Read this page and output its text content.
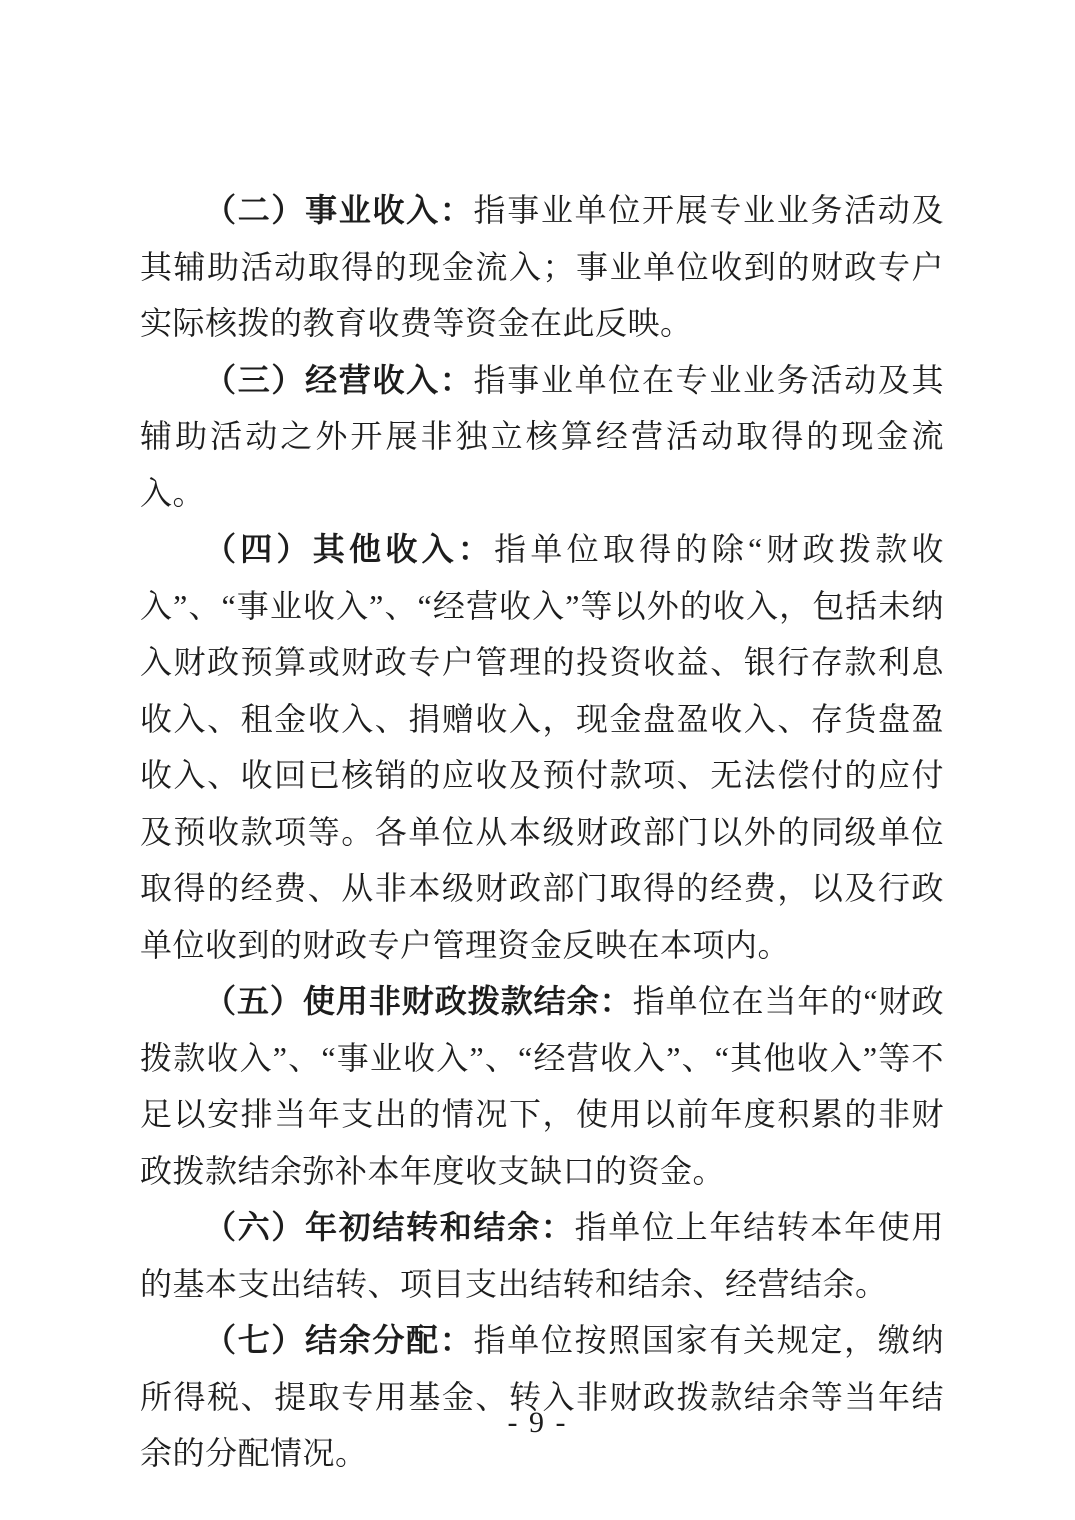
（二）事业收入：指事业单位开展专业业务活动及其辅助活动取得的现金流入；事业单位收到的财政专户实际核拨的教育收费等资金在此反映。

（三）经营收入：指事业单位在专业业务活动及其辅助活动之外开展非独立核算经营活动取得的现金流入。

（四）其他收入：指单位取得的除“财政拨款收入”、“事业收入”、“经营收入”等以外的收入，包括未纳入财政预算或财政专户管理的投资收益、银行存款利息收入、租金收入、捐赠收入，现金盘盈收入、存货盘盈收入、收回已核销的应收及预付款项、无法偿付的应付及预收款项等。各单位从本级财政部门以外的同级单位取得的经费、从非本级财政部门取得的经费，以及行政单位收到的财政专户管理资金反映在本项内。

（五）使用非财政拨款结余：指单位在当年的“财政拨款收入”、“事业收入”、“经营收入”、“其他收入”等不足以安排当年支出的情况下，使用以前年度积累的非财政拨款结余弥补本年度收支缺口的资金。

（六）年初结转和结余：指单位上年结转本年使用的基本支出结转、项目支出结转和结余、经营结余。

（七）结余分配：指单位按照国家有关规定，缴纳所得税、提取专用基金、转入非财政拨款结余等当年结余的分配情况。

- 9 -
